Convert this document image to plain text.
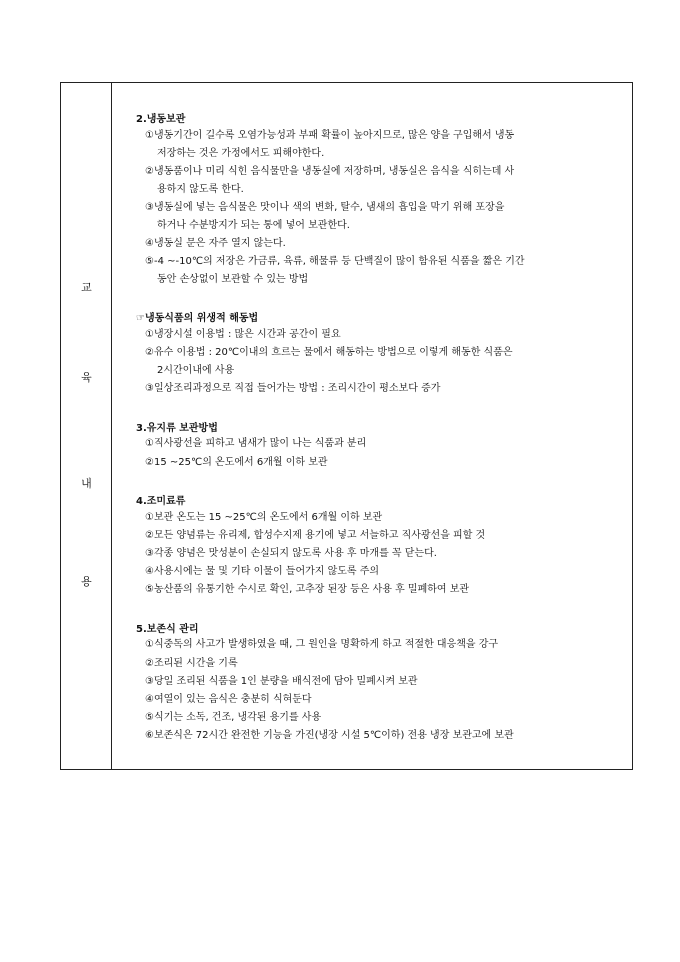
교
육
내
용
2.냉동보관
①냉동기간이 길수록 오염가능성과 부패 확률이 높아지므로, 많은 양을 구입해서 냉동
저장하는 것은 가정에서도 피해야한다.
②냉동품이나 미리 식힌 음식물만을 냉동실에 저장하며, 냉동실은 음식을 식히는데 사
용하지 않도록 한다.
③냉동실에 넣는 음식물은 맛이나 색의 변화, 탈수, 냄새의 흡입을 막기 위해 포장을
하거나 수분방지가 되는 통에 넣어 보관한다.
④냉동실 문은 자주 열지 않는다.
⑤-4 ~-10℃의 저장은 가금류, 육류, 해물류 등 단백질이 많이 함유된 식품을 짧은 기간
동안 손상없이 보관할 수 있는 방법
☞냉동식품의 위생적 해동법
①냉장시설 이용법 : 많은 시간과 공간이 필요
②유수 이용법 : 20℃이내의 흐르는 물에서 해동하는 방법으로 이렇게 해동한 식품은
2시간이내에 사용
③일상조리과정으로 직접 들어가는 방법 : 조리시간이 평소보다 증가
3.유지류 보관방법
①직사광선을 피하고 냄새가 많이 나는 식품과 분리
②15 ~25℃의 온도에서 6개월 이하 보관
4.조미료류
①보관 온도는 15 ~25℃의 온도에서 6개월 이하 보관
②모든 양념류는 유리제, 합성수지제 용기에 넣고 서늘하고 직사광선을 피할 것
③각종 양념은 맛성분이 손실되지 않도록 사용 후 마개를 꼭 닫는다.
④사용시에는 물 및 기타 이물이 들어가지 않도록 주의
⑤농산품의 유통기한 수시로 확인, 고추장 된장 등은 사용 후 밀폐하여 보관
5.보존식 관리
①식중독의 사고가 발생하였을 때, 그 원인을 명확하게 하고 적절한 대응책을 강구
②조리된 시간을 기록
③당일 조리된 식품을 1인 분량을 배식전에 담아 밀폐시켜 보관
④여열이 있는 음식은 충분히 식혀둔다
⑤식기는 소독, 건조, 냉각된 용기를 사용
⑥보존식은 72시간 완전한 기능을 가진(냉장 시설 5℃이하) 전용 냉장 보관고에 보관
